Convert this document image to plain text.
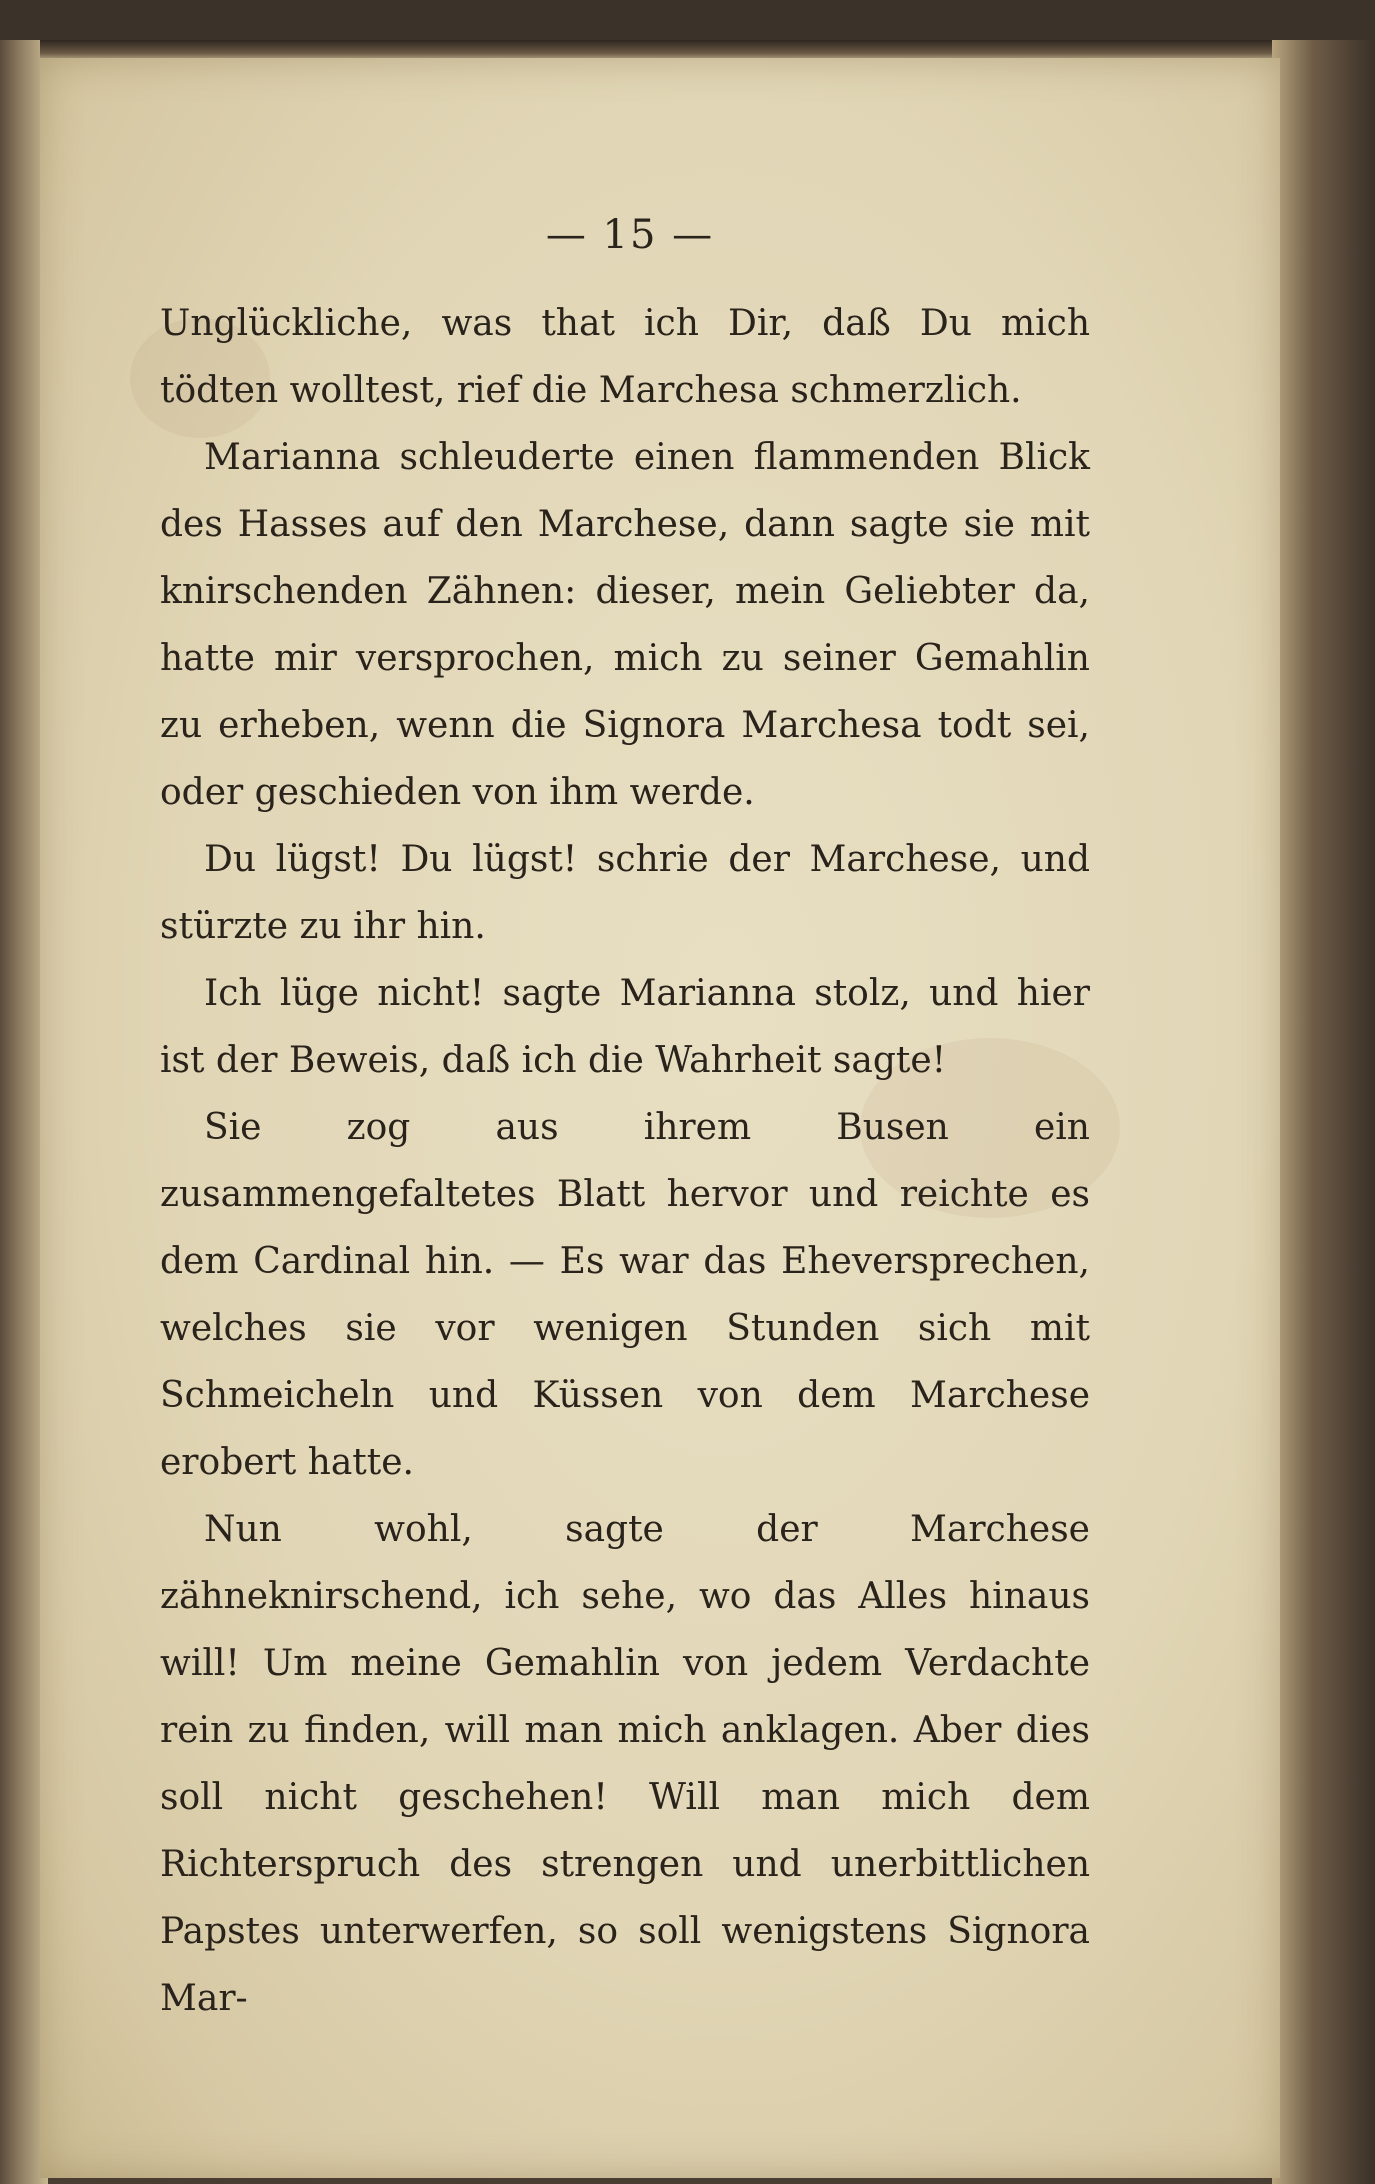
— 15 —

Unglückliche, was that ich Dir, daß Du mich tödten wolltest, rief die Marchesa schmerzlich.

Marianna schleuderte einen flammenden Blick des Hasses auf den Marchese, dann sagte sie mit knirschenden Zähnen: dieser, mein Geliebter da, hatte mir versprochen, mich zu seiner Gemahlin zu erheben, wenn die Signora Marchesa todt sei, oder geschieden von ihm werde.

Du lügst! Du lügst! schrie der Marchese, und stürzte zu ihr hin.

Ich lüge nicht! sagte Marianna stolz, und hier ist der Beweis, daß ich die Wahrheit sagte!

Sie zog aus ihrem Busen ein zusammengefaltetes Blatt hervor und reichte es dem Cardinal hin. — Es war das Eheversprechen, welches sie vor wenigen Stunden sich mit Schmeicheln und Küssen von dem Marchese erobert hatte.

Nun wohl, sagte der Marchese zähneknirschend, ich sehe, wo das Alles hinaus will! Um meine Gemahlin von jedem Verdachte rein zu finden, will man mich anklagen. Aber dies soll nicht geschehen! Will man mich dem Richterspruch des strengen und unerbittlichen Papstes unterwerfen, so soll wenigstens Signora Mar-
